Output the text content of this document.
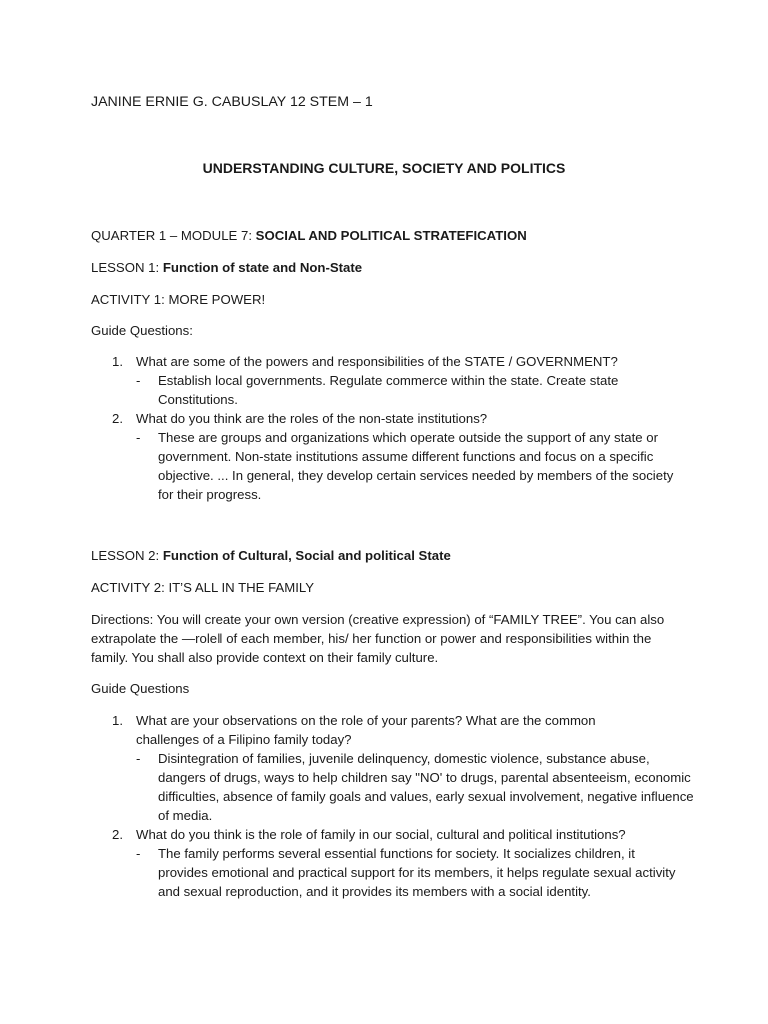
JANINE ERNIE G. CABUSLAY 12 STEM – 1
UNDERSTANDING CULTURE, SOCIETY AND POLITICS
QUARTER 1 – MODULE 7: SOCIAL AND POLITICAL STRATEFICATION
LESSON 1: Function of state and Non-State
ACTIVITY 1: MORE POWER!
Guide Questions:
1. What are some of the powers and responsibilities of the STATE / GOVERNMENT?
- Establish local governments. Regulate commerce within the state. Create state Constitutions.
2. What do you think are the roles of the non-state institutions?
- These are groups and organizations which operate outside the support of any state or government. Non-state institutions assume different functions and focus on a specific objective. ... In general, they develop certain services needed by members of the society for their progress.
LESSON 2: Function of Cultural, Social and political State
ACTIVITY 2: IT’S ALL IN THE FAMILY
Directions: You will create your own version (creative expression) of “FAMILY TREE”. You can also extrapolate the ―roleǁ of each member, his/ her function or power and responsibilities within the family. You shall also provide context on their family culture.
Guide Questions
1. What are your observations on the role of your parents? What are the common challenges of a Filipino family today?
- Disintegration of families, juvenile delinquency, domestic violence, substance abuse, dangers of drugs, ways to help children say "NO' to drugs, parental absenteeism, economic difficulties, absence of family goals and values, early sexual involvement, negative influence of media.
2. What do you think is the role of family in our social, cultural and political institutions?
- The family performs several essential functions for society. It socializes children, it provides emotional and practical support for its members, it helps regulate sexual activity and sexual reproduction, and it provides its members with a social identity.
